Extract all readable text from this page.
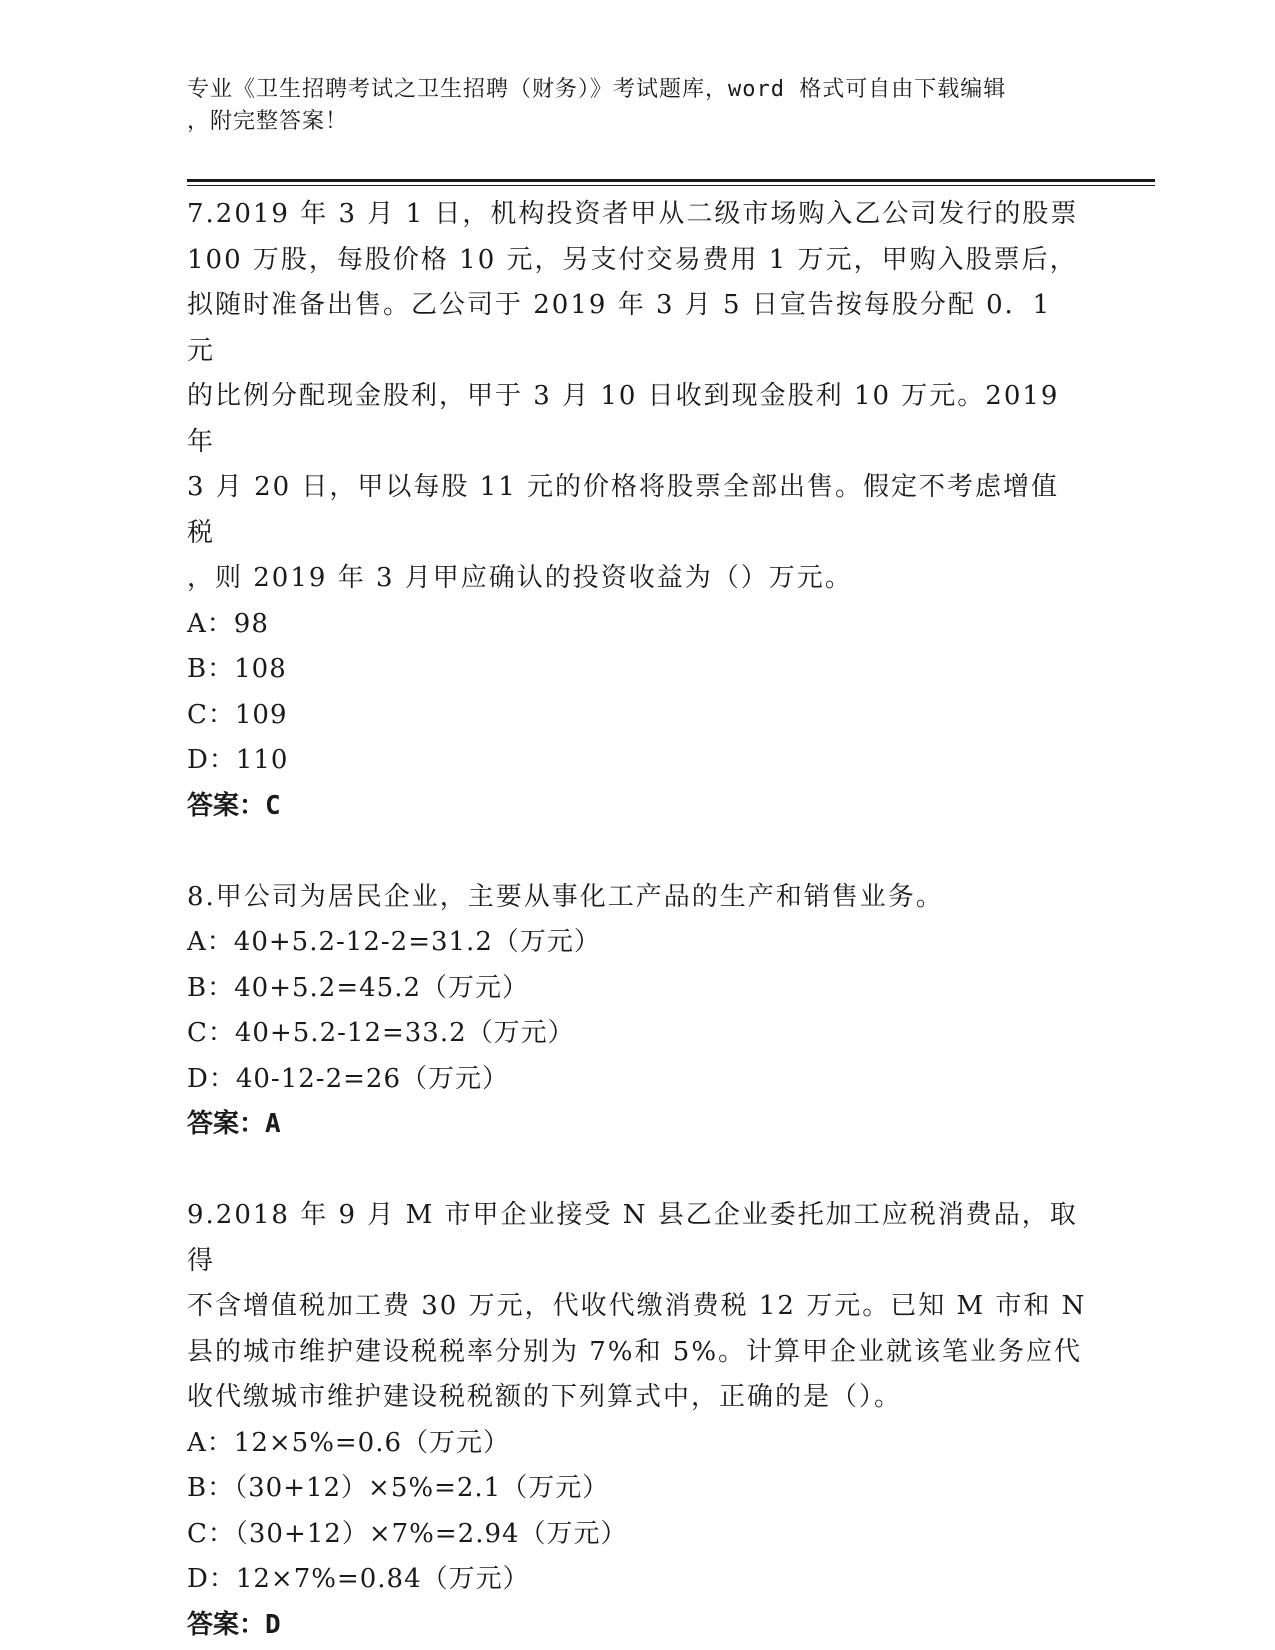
专业《卫生招聘考试之卫生招聘（财务）》考试题库，word 格式可自由下载编辑
，附完整答案！

7.2019 年 3 月 1 日，机构投资者甲从二级市场购入乙公司发行的股票

100 万股，每股价格 10 元，另支付交易费用 1 万元，甲购入股票后，

拟随时准备出售。乙公司于 2019 年 3 月 5 日宣告按每股分配 0．1 元

的比例分配现金股利，甲于 3 月 10 日收到现金股利 10 万元。2019 年

3 月 20 日，甲以每股 11 元的价格将股票全部出售。假定不考虑增值税

，则 2019 年 3 月甲应确认的投资收益为（）万元。

A：98

B：108

C：109

D：110

答案：C

8.甲公司为居民企业，主要从事化工产品的生产和销售业务。

A：40+5.2-12-2=31.2（万元）

B：40+5.2=45.2（万元）

C：40+5.2-12=33.2（万元）

D：40-12-2=26（万元）

答案：A

9.2018 年 9 月 M 市甲企业接受 N 县乙企业委托加工应税消费品，取得

不含增值税加工费 30 万元，代收代缴消费税 12 万元。已知 M 市和 N

县的城市维护建设税税率分别为 7%和 5%。计算甲企业就该笔业务应代

收代缴城市维护建设税税额的下列算式中，正确的是（）。

A：12×5%=0.6（万元）

B：（30+12）×5%=2.1（万元）

C：（30+12）×7%=2.94（万元）

D：12×7%=0.84（万元）

答案：D
